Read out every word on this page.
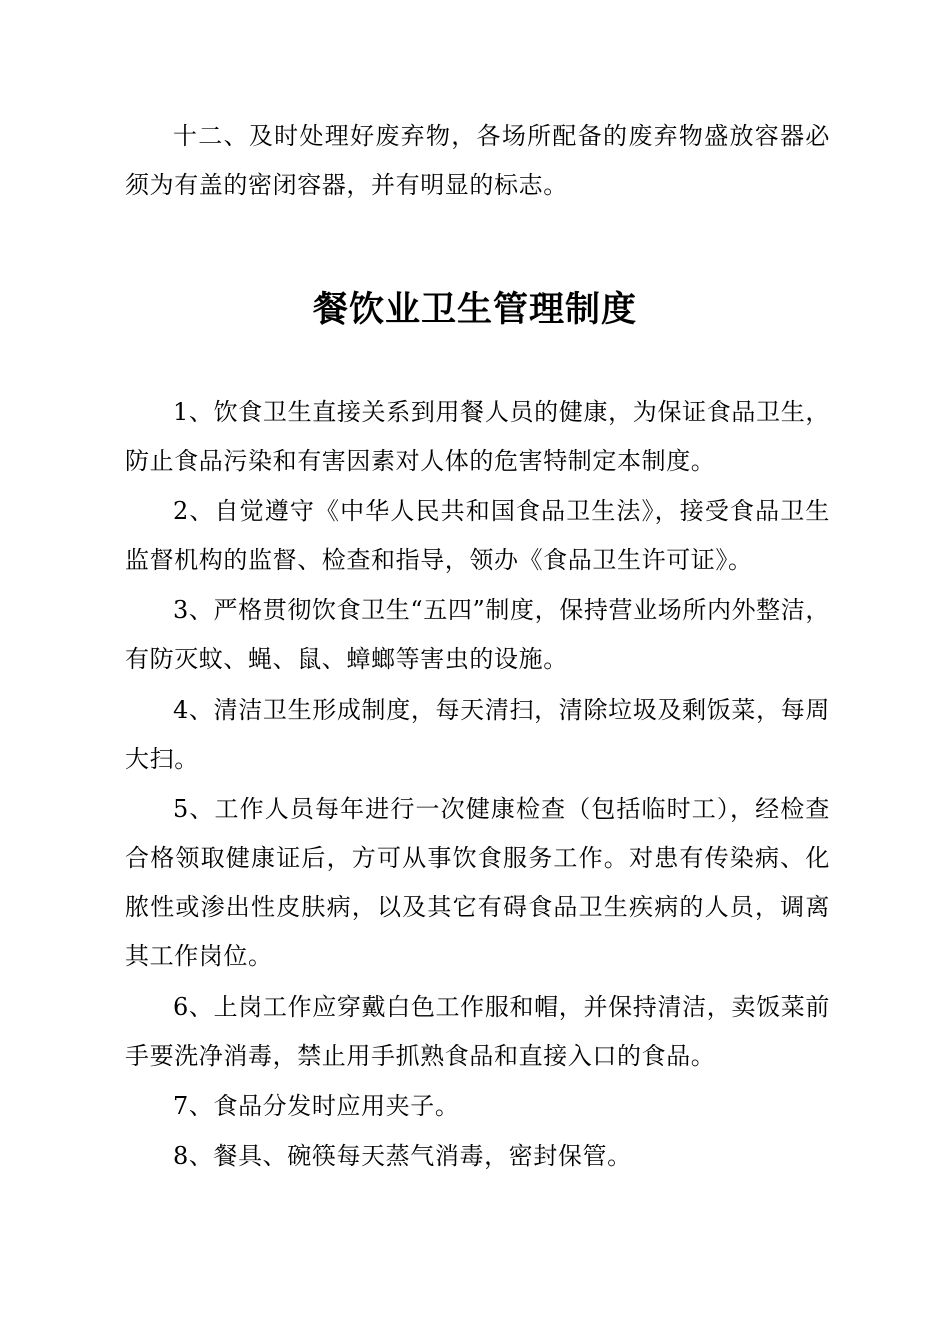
十二、及时处理好废弃物，各场所配备的废弃物盛放容器必须为有盖的密闭容器，并有明显的标志。

餐饮业卫生管理制度

1、饮食卫生直接关系到用餐人员的健康，为保证食品卫生，防止食品污染和有害因素对人体的危害特制定本制度。

2、自觉遵守《中华人民共和国食品卫生法》，接受食品卫生监督机构的监督、检查和指导，领办《食品卫生许可证》。

3、严格贯彻饮食卫生“五四”制度，保持营业场所内外整洁，有防灭蚊、蝇、鼠、蟑螂等害虫的设施。

4、清洁卫生形成制度，每天清扫，清除垃圾及剩饭菜，每周大扫。

5、工作人员每年进行一次健康检查（包括临时工），经检查合格领取健康证后，方可从事饮食服务工作。对患有传染病、化脓性或渗出性皮肤病，以及其它有碍食品卫生疾病的人员，调离其工作岗位。

6、上岗工作应穿戴白色工作服和帽，并保持清洁，卖饭菜前手要洗净消毒，禁止用手抓熟食品和直接入口的食品。

7、食品分发时应用夹子。

8、餐具、碗筷每天蒸气消毒，密封保管。
